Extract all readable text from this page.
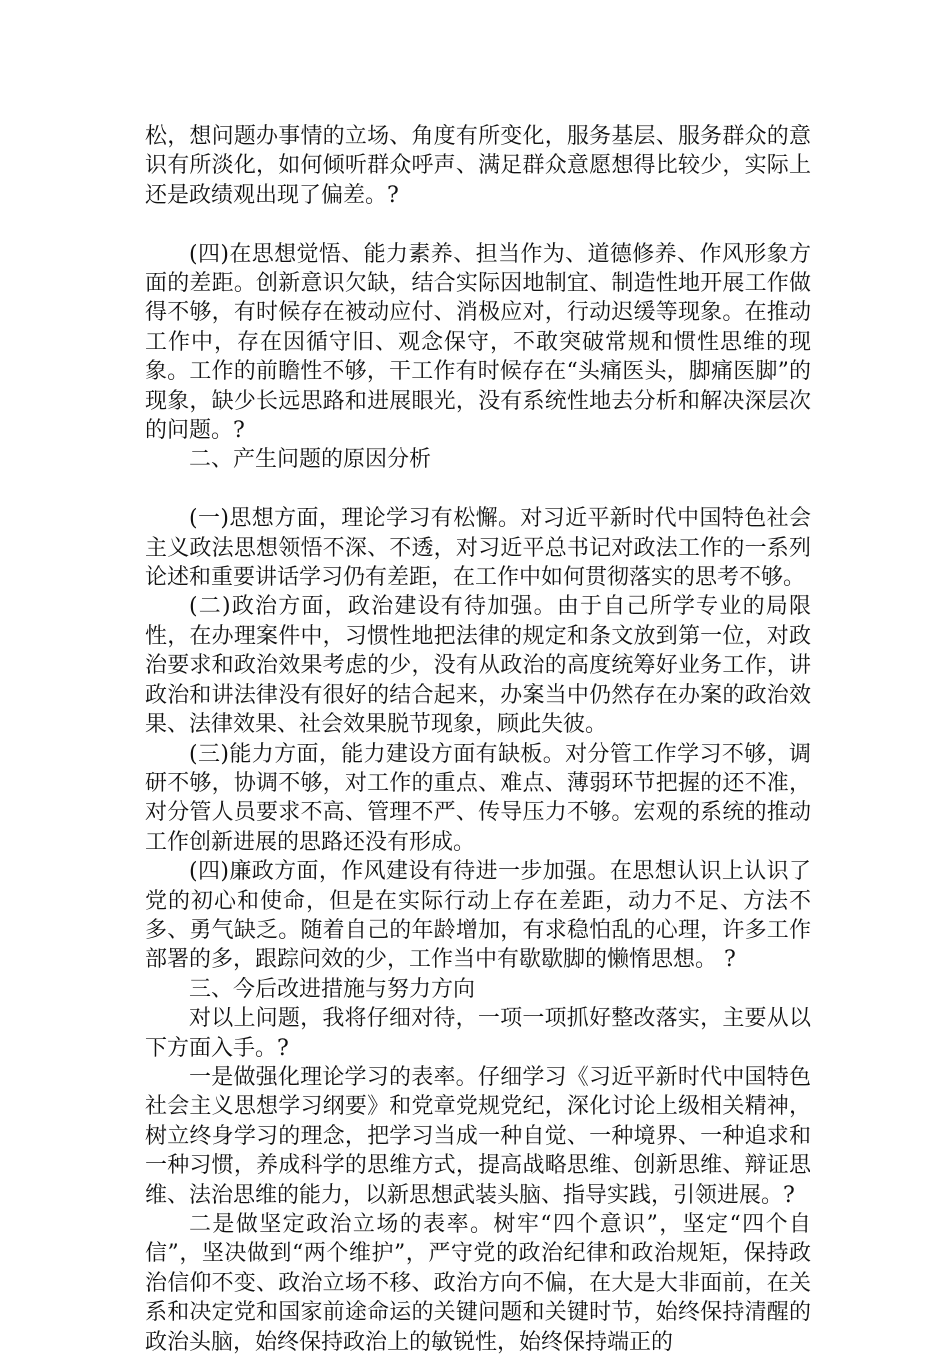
松，想问题办事情的立场、角度有所变化，服务基层、服务群众的意识有所淡化，如何倾听群众呼声、满足群众意愿想得比较少，实际上还是政绩观出现了偏差。?

(四)在思想觉悟、能力素养、担当作为、道德修养、作风形象方面的差距。创新意识欠缺，结合实际因地制宜、制造性地开展工作做得不够，有时候存在被动应付、消极应对，行动迟缓等现象。在推动工作中，存在因循守旧、观念保守，不敢突破常规和惯性思维的现象。工作的前瞻性不够，干工作有时候存在“头痛医头，脚痛医脚”的现象，缺少长远思路和进展眼光，没有系统性地去分析和解决深层次的问题。?

二、产生问题的原因分析

(一)思想方面，理论学习有松懈。对习近平新时代中国特色社会主义政法思想领悟不深、不透，对习近平总书记对政法工作的一系列论述和重要讲话学习仍有差距，在工作中如何贯彻落实的思考不够。

(二)政治方面，政治建设有待加强。由于自己所学专业的局限性，在办理案件中，习惯性地把法律的规定和条文放到第一位，对政治要求和政治效果考虑的少，没有从政治的高度统筹好业务工作，讲政治和讲法律没有很好的结合起来，办案当中仍然存在办案的政治效果、法律效果、社会效果脱节现象，顾此失彼。

(三)能力方面，能力建设方面有缺板。对分管工作学习不够，调研不够，协调不够，对工作的重点、难点、薄弱环节把握的还不准，对分管人员要求不高、管理不严、传导压力不够。宏观的系统的推动工作创新进展的思路还没有形成。

(四)廉政方面，作风建设有待进一步加强。在思想认识上认识了党的初心和使命，但是在实际行动上存在差距，动力不足、方法不多、勇气缺乏。随着自己的年龄增加，有求稳怕乱的心理，许多工作部署的多，跟踪问效的少，工作当中有歇歇脚的懒惰思想。 ?

三、今后改进措施与努力方向

对以上问题，我将仔细对待，一项一项抓好整改落实，主要从以下方面入手。?

一是做强化理论学习的表率。仔细学习《习近平新时代中国特色社会主义思想学习纲要》和党章党规党纪，深化讨论上级相关精神，树立终身学习的理念，把学习当成一种自觉、一种境界、一种追求和一种习惯，养成科学的思维方式，提高战略思维、创新思维、辩证思维、法治思维的能力，以新思想武装头脑、指导实践，引领进展。?

二是做坚定政治立场的表率。树牢“四个意识”，坚定“四个自信”，坚决做到“两个维护”，严守党的政治纪律和政治规矩，保持政治信仰不变、政治立场不移、政治方向不偏，在大是大非面前，在关系和决定党和国家前途命运的关键问题和关键时节，始终保持清醒的政治头脑，始终保持政治上的敏锐性，始终保持端正的
